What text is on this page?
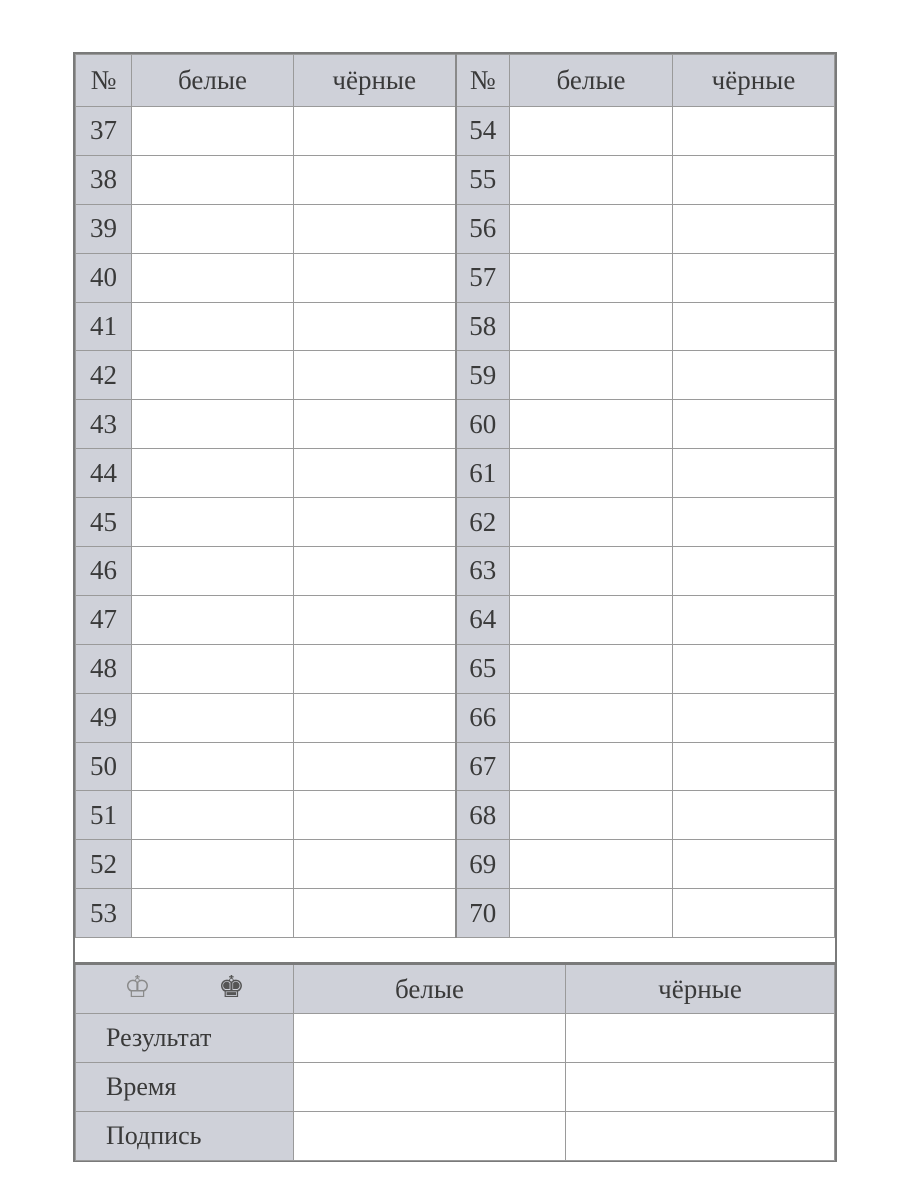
№	белые	чёрные	№	белые	чёрные
37			54		
38			55		
39			56		
40			57		
41			58		
42			59		
43			60		
44			61		
45			62		
46			63		
47			64		
48			65		
49			66		
50			67		
51			68		
52			69		
53			70		
♔ ♚	белые	чёрные
Результат		
Время		
Подпись		
